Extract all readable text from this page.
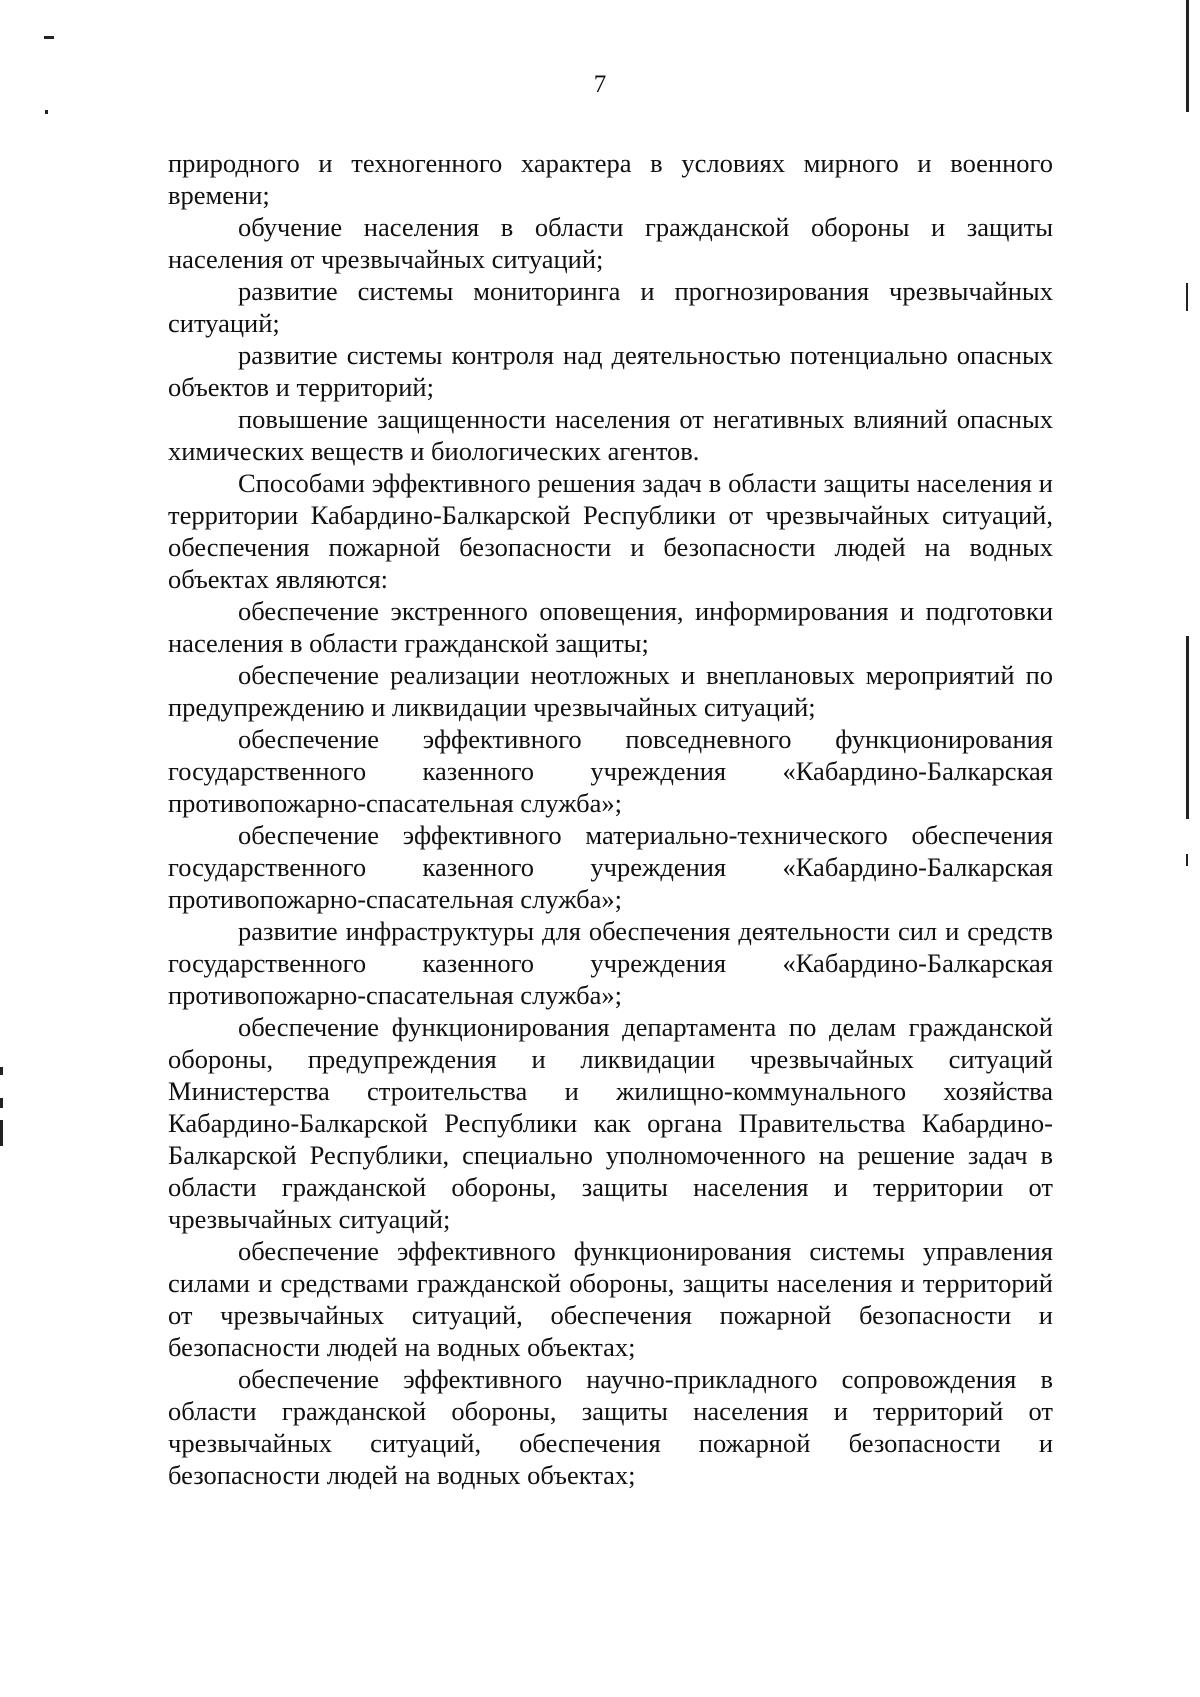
7

природного и техногенного характера в условиях мирного и военного времени;

обучение населения в области гражданской обороны и защиты населения от чрезвычайных ситуаций;

развитие системы мониторинга и прогнозирования чрезвычайных ситуаций;

развитие системы контроля над деятельностью потенциально опасных объектов и территорий;

повышение защищенности населения от негативных влияний опасных химических веществ и биологических агентов.

Способами эффективного решения задач в области защиты населения и территории Кабардино-Балкарской Республики от чрезвычайных ситуаций, обеспечения пожарной безопасности и безопасности людей на водных объектах являются:

обеспечение экстренного оповещения, информирования и подготовки населения в области гражданской защиты;

обеспечение реализации неотложных и внеплановых мероприятий по предупреждению и ликвидации чрезвычайных ситуаций;

обеспечение эффективного повседневного функционирования государственного казенного учреждения «Кабардино-Балкарская противопожарно-спасательная служба»;

обеспечение эффективного материально-технического обеспечения государственного казенного учреждения «Кабардино-Балкарская противопожарно-спасательная служба»;

развитие инфраструктуры для обеспечения деятельности сил и средств государственного казенного учреждения «Кабардино-Балкарская противопожарно-спасательная служба»;

обеспечение функционирования департамента по делам гражданской обороны, предупреждения и ликвидации чрезвычайных ситуаций Министерства строительства и жилищно-коммунального хозяйства Кабардино-Балкарской Республики как органа Правительства Кабардино-Балкарской Республики, специально уполномоченного на решение задач в области гражданской обороны, защиты населения и территории от чрезвычайных ситуаций;

обеспечение эффективного функционирования системы управления силами и средствами гражданской обороны, защиты населения и территорий от чрезвычайных ситуаций, обеспечения пожарной безопасности и безопасности людей на водных объектах;

обеспечение эффективного научно-прикладного сопровождения в области гражданской обороны, защиты населения и территорий от чрезвычайных ситуаций, обеспечения пожарной безопасности и безопасности людей на водных объектах;
